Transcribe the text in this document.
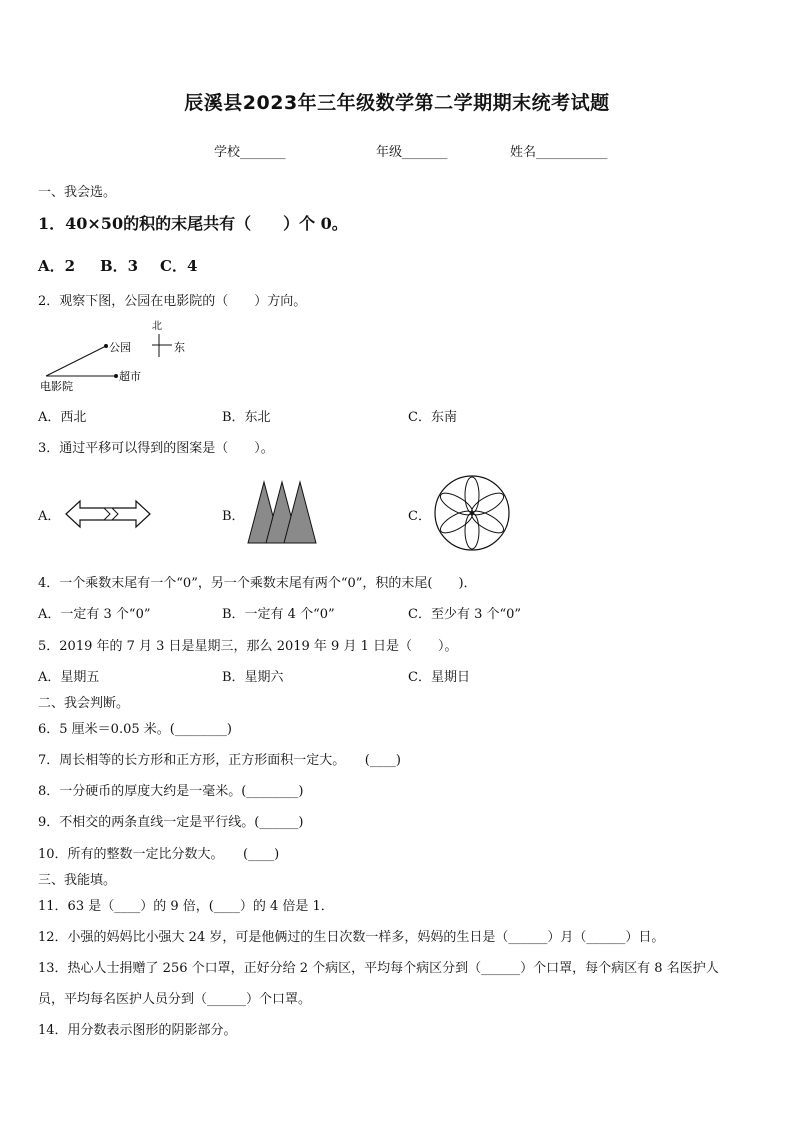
辰溪县2023年三年级数学第二学期期末统考试题
学校_______	年级_______	姓名___________
一、我会选。
1．40×50的积的末尾共有（　　）个 0。
A．2 B．3 C．4
2．观察下图，公园在电影院的（　　）方向。
北
东
公园
超市
电影院
A．西北	B．东北	C．东南
3．通过平移可以得到的图案是（　　）。
A．	B．	C．
4．一个乘数末尾有一个“0”，另一个乘数末尾有两个“0”，积的末尾(　　)．
A．一定有 3 个“0”	B．一定有 4 个“0”	C．至少有 3 个“0”
5．2019 年的 7 月 3 日是星期三，那么 2019 年 9 月 1 日是（　　）。
A．星期五	B．星期六	C．星期日
二、我会判断。
6．5 厘米＝0.05 米。(________)
7．周长相等的长方形和正方形，正方形面积一定大。　　(____)
8．一分硬币的厚度大约是一毫米。(________)
9．不相交的两条直线一定是平行线。(______)
10．所有的整数一定比分数大。　　(____)
三、我能填。
11．63 是（____）的 9 倍，(____）的 4 倍是 1．
12．小强的妈妈比小强大 24 岁，可是他俩过的生日次数一样多，妈妈的生日是（______）月（______）日。
13．热心人士捐赠了 256 个口罩，正好分给 2 个病区，平均每个病区分到（______）个口罩，每个病区有 8 名医护人
员，平均每名医护人员分到（______）个口罩。
14．用分数表示图形的阴影部分。
